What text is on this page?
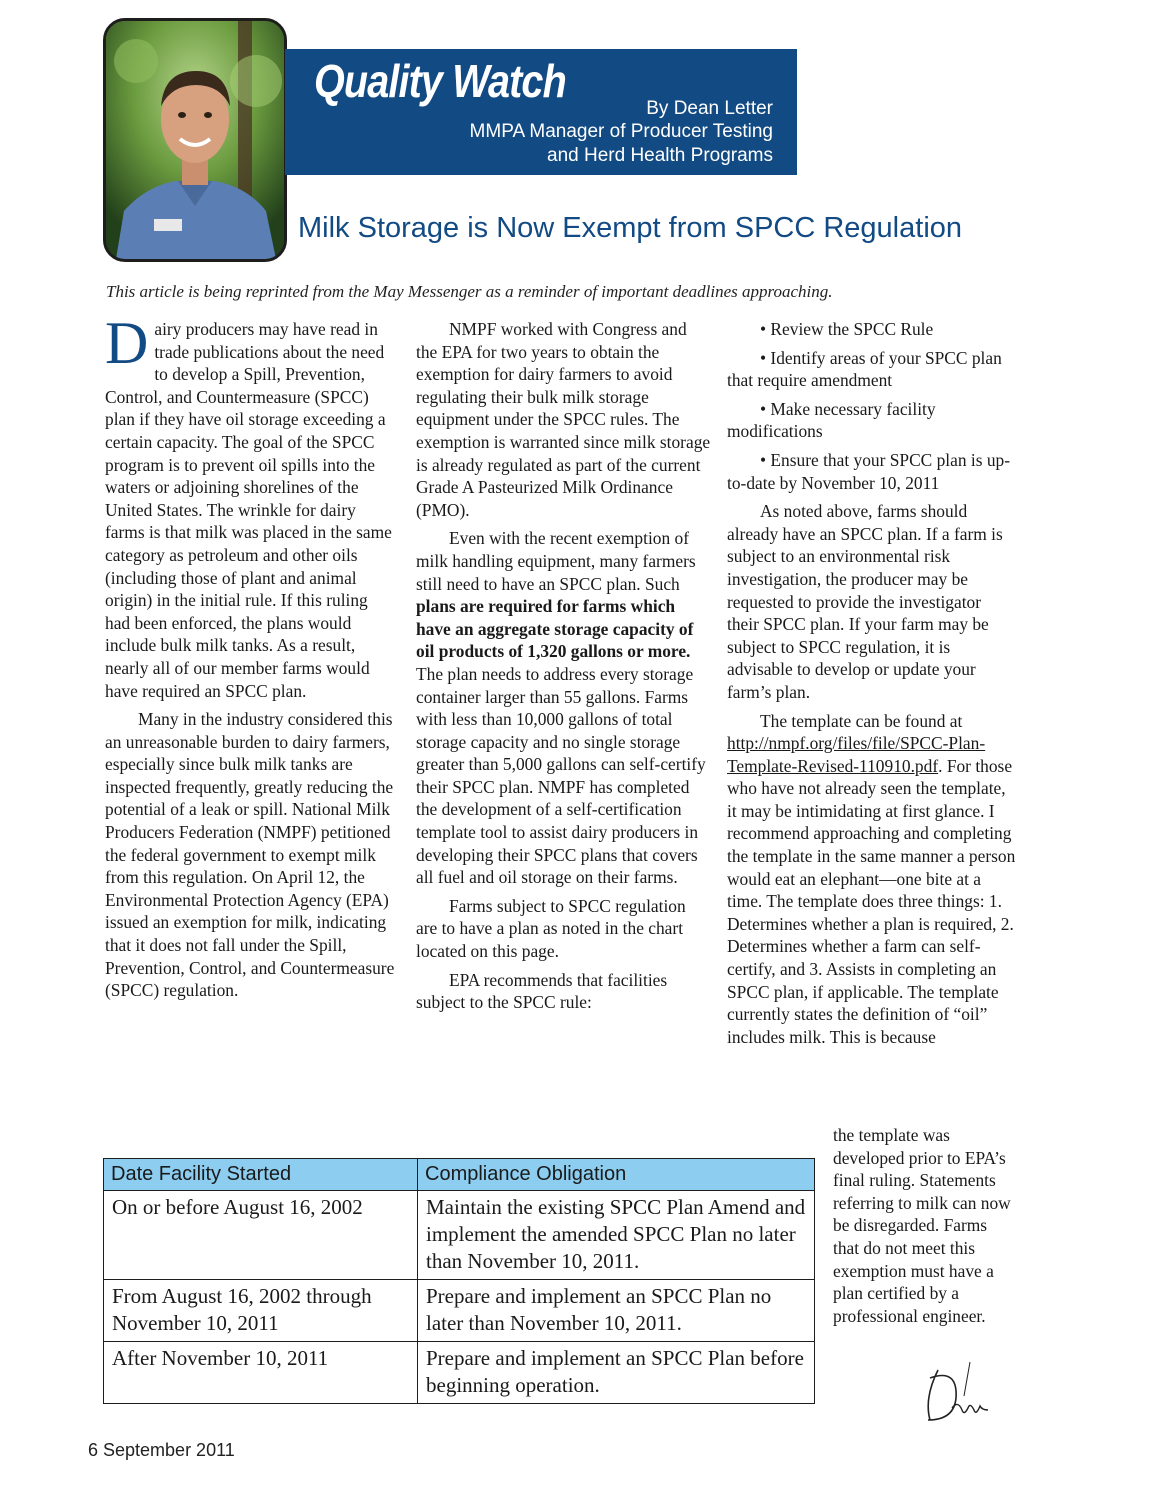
Quality Watch
By Dean Letter
MMPA Manager of Producer Testing
and Herd Health Programs
Milk Storage is Now Exempt from SPCC Regulation
This article is being reprinted from the May Messenger as a reminder of important deadlines approaching.

Dairy producers may have read in trade publications about the need to develop a Spill, Prevention, Control, and Countermeasure (SPCC) plan if they have oil storage exceeding a certain capacity. The goal of the SPCC program is to prevent oil spills into the waters or adjoining shorelines of the United States. The wrinkle for dairy farms is that milk was placed in the same category as petroleum and other oils (including those of plant and animal origin) in the initial rule. If this ruling had been enforced, the plans would include bulk milk tanks. As a result, nearly all of our member farms would have required an SPCC plan.

Many in the industry considered this an unreasonable burden to dairy farmers, especially since bulk milk tanks are inspected frequently, greatly reducing the potential of a leak or spill. National Milk Producers Federation (NMPF) petitioned the federal government to exempt milk from this regulation. On April 12, the Environmental Protection Agency (EPA) issued an exemption for milk, indicating that it does not fall under the Spill, Prevention, Control, and Countermeasure (SPCC) regulation.

NMPF worked with Congress and the EPA for two years to obtain the exemption for dairy farmers to avoid regulating their bulk milk storage equipment under the SPCC rules. The exemption is warranted since milk storage is already regulated as part of the current Grade A Pasteurized Milk Ordinance (PMO).

Even with the recent exemption of milk handling equipment, many farmers still need to have an SPCC plan. Such plans are required for farms which have an aggregate storage capacity of oil products of 1,320 gallons or more. The plan needs to address every storage container larger than 55 gallons. Farms with less than 10,000 gallons of total storage capacity and no single storage greater than 5,000 gallons can self-certify their SPCC plan. NMPF has completed the development of a self-certification template tool to assist dairy producers in developing their SPCC plans that covers all fuel and oil storage on their farms.

Farms subject to SPCC regulation are to have a plan as noted in the chart located on this page.

EPA recommends that facilities subject to the SPCC rule:

• Review the SPCC Rule

• Identify areas of your SPCC plan that require amendment

• Make necessary facility modifications

• Ensure that your SPCC plan is up-to-date by November 10, 2011

As noted above, farms should already have an SPCC plan. If a farm is subject to an environmental risk investigation, the producer may be requested to provide the investigator their SPCC plan. If your farm may be subject to SPCC regulation, it is advisable to develop or update your farm’s plan.

The template can be found at http://nmpf.org/files/file/SPCC-Plan-Template-Revised-110910.pdf. For those who have not already seen the template, it may be intimidating at first glance. I recommend approaching and completing the template in the same manner a person would eat an elephant—one bite at a time. The template does three things: 1. Determines whether a plan is required, 2. Determines whether a farm can self-certify, and 3. Assists in completing an SPCC plan, if applicable. The template currently states the definition of “oil” includes milk. This is because

the template was developed prior to EPA’s final ruling. Statements referring to milk can now be disregarded. Farms that do not meet this exemption must have a plan certified by a professional engineer.
Date Facility Started	Compliance Obligation
On or before August 16, 2002	Maintain the existing SPCC Plan Amend and implement the amended SPCC Plan no later than November 10, 2011.
From August 16, 2002 through November 10, 2011	Prepare and implement an SPCC Plan no later than November 10, 2011.
After November 10, 2011	Prepare and implement an SPCC Plan before beginning operation.
6 September 2011
